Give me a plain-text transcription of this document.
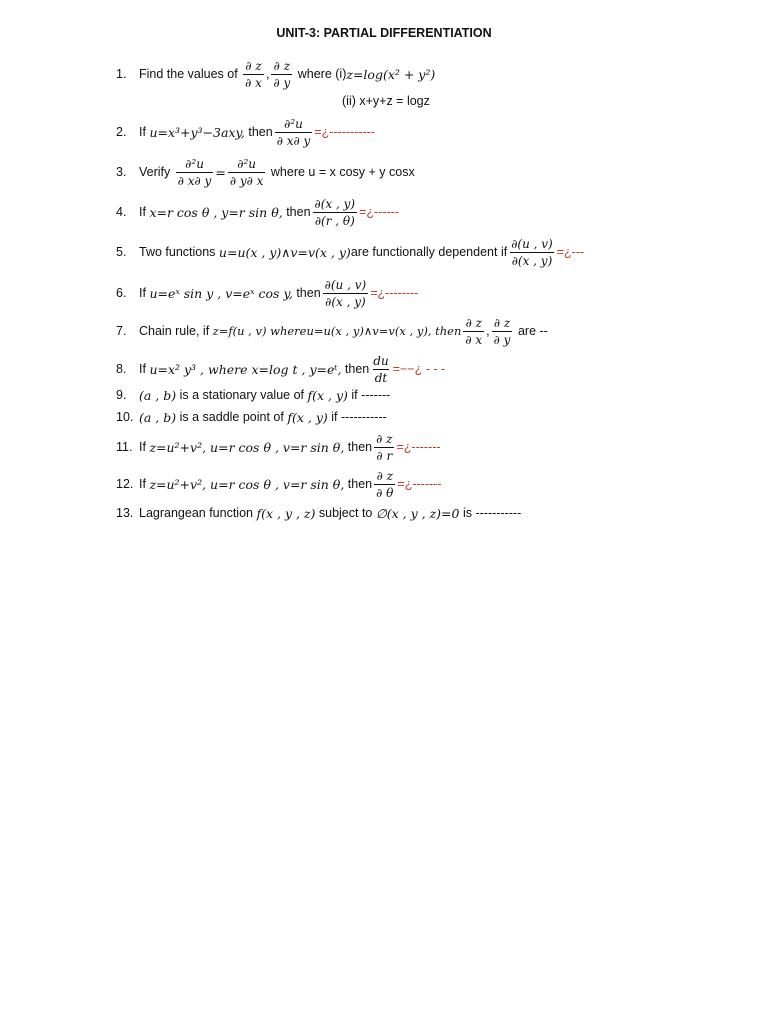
UNIT-3: PARTIAL DIFFERENTIATION
1.	Find the values of
$\frac{\partial z}{\partial x}$ , $\frac{\partial z}{\partial y}$
where (i) z=log(x² + y²)
(ii) x+y+z = logz
2.	If
u=x³+y³−3axy,
then $\frac{\text{∂²u}}{\partial x\partial y}$ =¿-----------
3.	Verify
$\frac{\text{∂²u}}{\partial x\partial y} = \frac{\text{∂²u}}{\partial y\partial x}$
where u = x cosy + y cosx
4.	If
x=r cos θ , y=r sin θ,
then $\frac{\partial(x , y)}{\partial(r , \theta)}$ =¿------
5.	Two functions
u=u(x , y)∧v=v(x , y) are functionally dependent if $\frac{\partial(u , v)}{\partial(x , y)}$ =¿---
6.	If
u=eˣ sin y , v=eˣ cos y,
then $\frac{\partial(u , v)}{\partial(x , y)}$ =¿--------
7.	Chain rule, if
z=f(u , v) whereu=u(x , y)∧v=v(x , y), then $\frac{\partial z}{\partial x}$ , $\frac{\partial z}{\partial y}$
are --
8.	If
u=x² y³ , where x=log t , y=eᵗ,
then $\frac{du}{dt}$ =−−¿ - - -
9.	(a , b)
is a stationary value of
f(x , y)
if -------
10. (a , b)
is a saddle point of
f(x , y)
if -----------
11. If
z=u²+v², u=r cos θ , v=r sin θ,
then $\frac{\partial z}{\partial r}$ =¿-------
12. If
z=u²+v², u=r cos θ , v=r sin θ,
then $\frac{\partial z}{\partial \theta}$ =¿-------
13. Lagrangean function
f(x , y , z)
subject to
∅(x , y , z)=0
is -----------
